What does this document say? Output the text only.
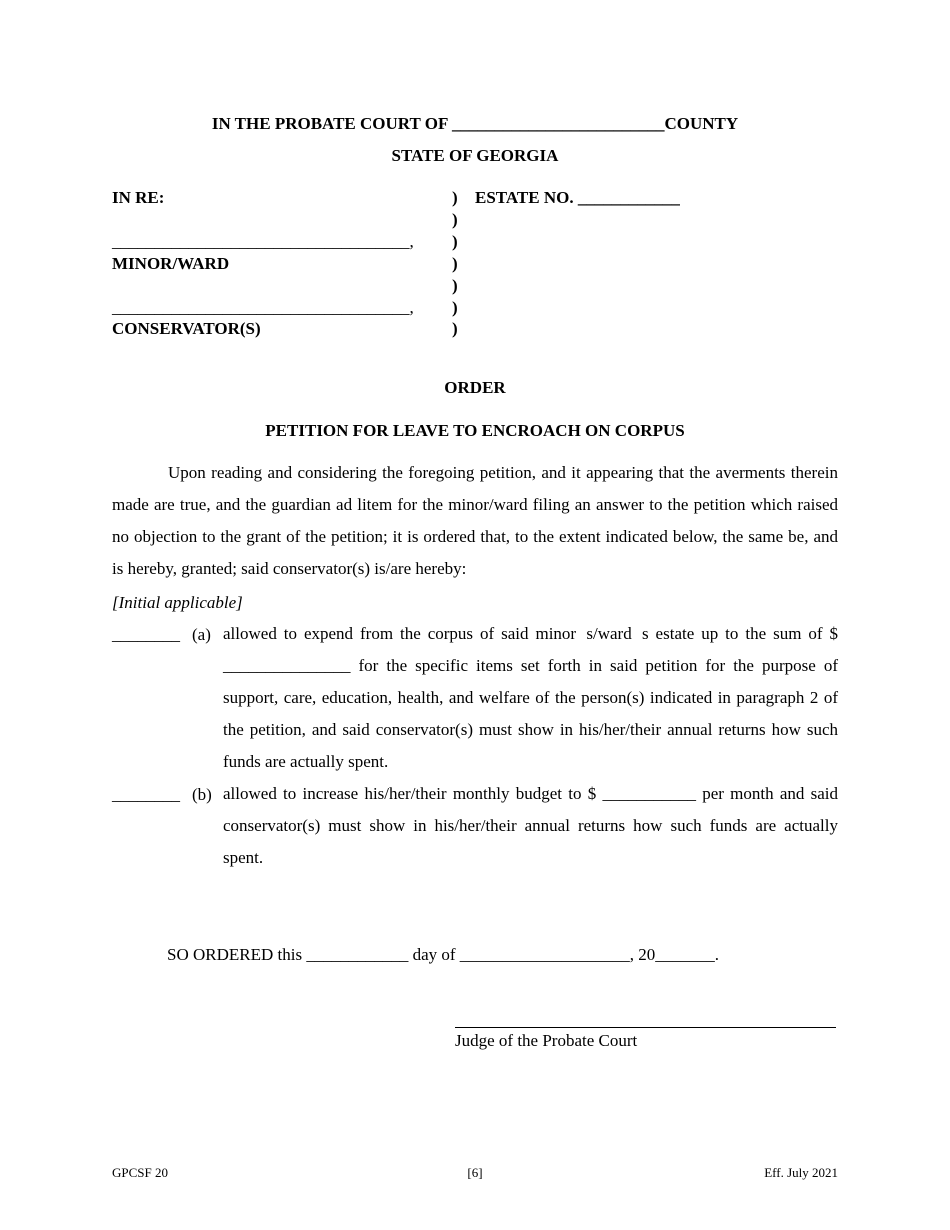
IN THE PROBATE COURT OF _________________________COUNTY
STATE OF GEORGIA
IN RE:	ESTATE NO. ____________
)
)
)
)
)
)
)
___________________________________,
MINOR/WARD
___________________________________,
CONSERVATOR(S)
ORDER
PETITION FOR LEAVE TO ENCROACH ON CORPUS
Upon reading and considering the foregoing petition, and it appearing that the averments therein made are true, and the guardian ad litem for the minor/ward filing an answer to the petition which raised no objection to the grant of the petition; it is ordered that, to the extent indicated below, the same be, and is hereby, granted; said conservator(s) is/are hereby:
[Initial applicable]
________ (a) allowed to expend from the corpus of said minors/wards estate up to the sum of $ _______________ for the specific items set forth in said petition for the purpose of support, care, education, health, and welfare of the person(s) indicated in paragraph 2 of the petition, and said conservator(s) must show in his/her/their annual returns how such funds are actually spent.
________ (b) allowed to increase his/her/their monthly budget to $ ___________ per month and said conservator(s) must show in his/her/their annual returns how such funds are actually spent.
SO ORDERED this ____________ day of ____________________, 20_______.
Judge of the Probate Court
GPCSF 20	[6]	Eff. July 2021
